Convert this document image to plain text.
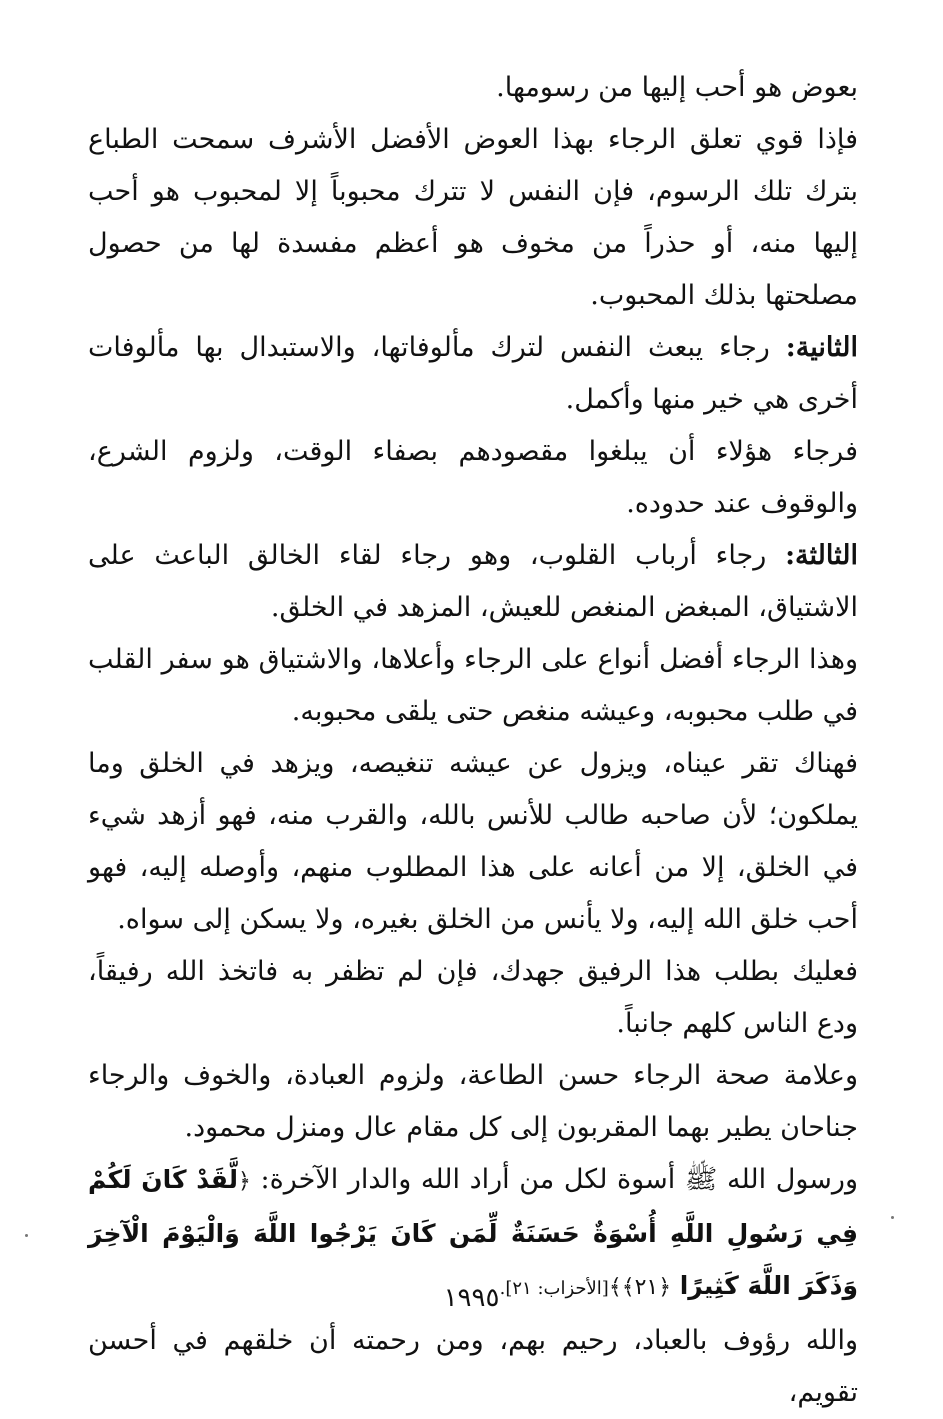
بعوض هو أحب إليها من رسومها.

فإذا قوي تعلق الرجاء بهذا العوض الأفضل الأشرف سمحت الطباع بترك تلك الرسوم، فإن النفس لا تترك محبوباً إلا لمحبوب هو أحب إليها منه، أو حذراً من مخوف هو أعظم مفسدة لها من حصول مصلحتها بذلك المحبوب.

الثانية: رجاء يبعث النفس لترك مألوفاتها، والاستبدال بها مألوفات أخرى هي خير منها وأكمل.

فرجاء هؤلاء أن يبلغوا مقصودهم بصفاء الوقت، ولزوم الشرع، والوقوف عند حدوده.

الثالثة: رجاء أرباب القلوب، وهو رجاء لقاء الخالق الباعث على الاشتياق، المبغض المنغص للعيش، المزهد في الخلق.

وهذا الرجاء أفضل أنواع على الرجاء وأعلاها، والاشتياق هو سفر القلب في طلب محبوبه، وعيشه منغص حتى يلقى محبوبه.

فهناك تقر عيناه، ويزول عن عيشه تنغيصه، ويزهد في الخلق وما يملكون؛ لأن صاحبه طالب للأنس بالله، والقرب منه، فهو أزهد شيء في الخلق، إلا من أعانه على هذا المطلوب منهم، وأوصله إليه، فهو أحب خلق الله إليه، ولا يأنس من الخلق بغيره، ولا يسكن إلى سواه.

فعليك بطلب هذا الرفيق جهدك، فإن لم تظفر به فاتخذ الله رفيقاً، ودع الناس كلهم جانباً.

وعلامة صحة الرجاء حسن الطاعة، ولزوم العبادة، والخوف والرجاء جناحان يطير بهما المقربون إلى كل مقام عال ومنزل محمود.

ورسول الله ﷺ أسوة لكل من أراد الله والدار الآخرة: ﴿لَّقَدْ كَانَ لَكُمْ فِي رَسُولِ اللَّهِ أُسْوَةٌ حَسَنَةٌ لِّمَن كَانَ يَرْجُوا اللَّهَ وَالْيَوْمَ الْآخِرَ وَذَكَرَ اللَّهَ كَثِيرًا ﴿٢١﴾﴾[الأحزاب: ٢١].

والله رؤوف بالعباد، رحيم بهم، ومن رحمته أن خلقهم في أحسن تقويم،

١٩٩٥
